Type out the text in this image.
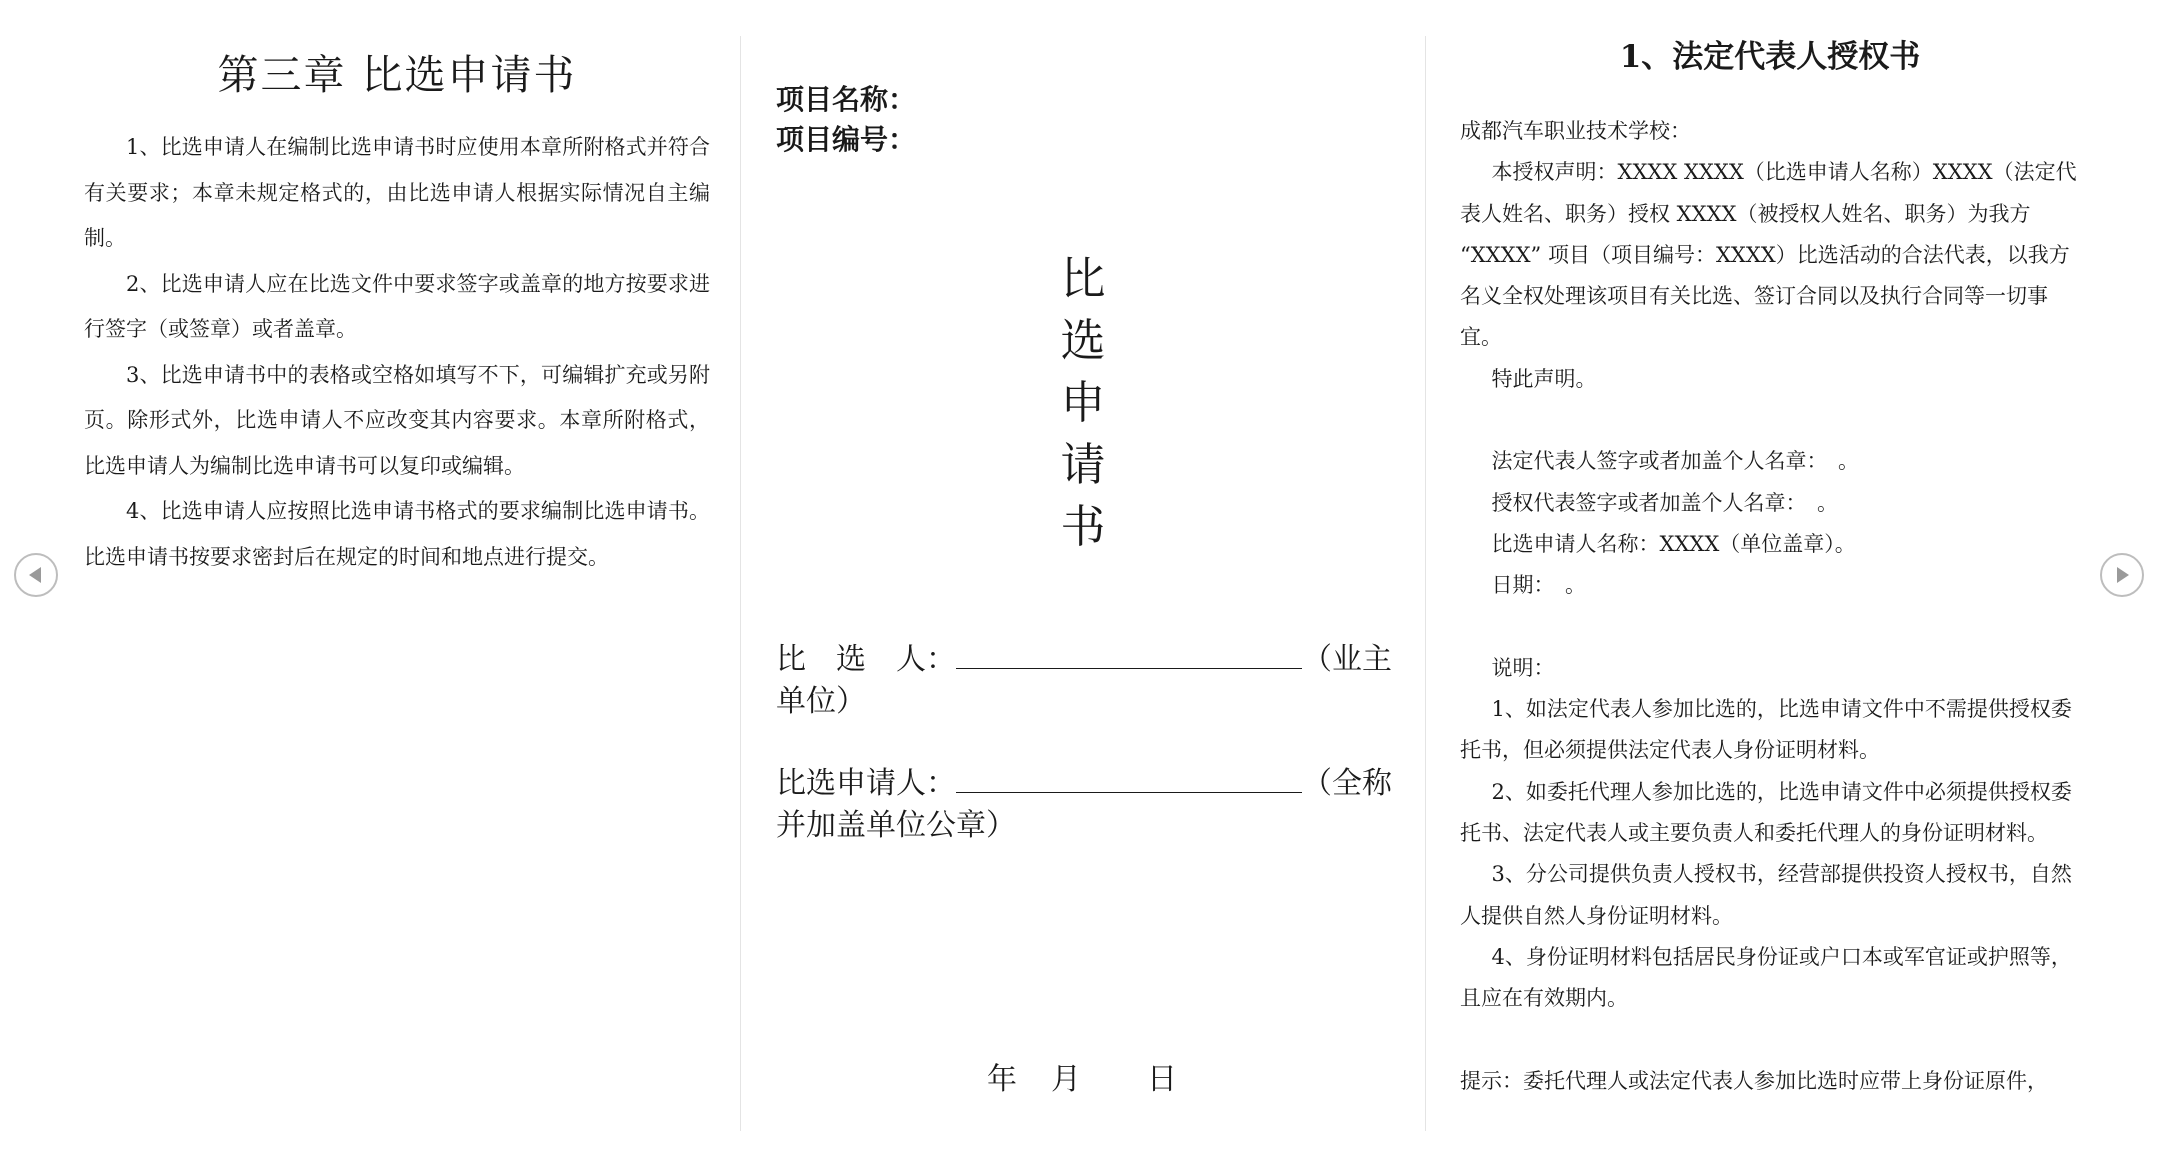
第三章 比选申请书

1、比选申请人在编制比选申请书时应使用本章所附格式并符合有关要求；本章未规定格式的，由比选申请人根据实际情况自主编制。

2、比选申请人应在比选文件中要求签字或盖章的地方按要求进行签字（或签章）或者盖章。

3、比选申请书中的表格或空格如填写不下，可编辑扩充或另附页。除形式外，比选申请人不应改变其内容要求。本章所附格式，比选申请人为编制比选申请书可以复印或编辑。

4、比选申请人应按照比选申请书格式的要求编制比选申请书。比选申请书按要求密封后在规定的时间和地点进行提交。

项目名称：
项目编号：
比
选
申
请
书
比　选　人：	（业主单位）
比选申请人：	（全称并加盖单位公章）
年　月　　日

1、法定代表人授权书

成都汽车职业技术学校：

本授权声明：XXXX XXXX（比选申请人名称）XXXX（法定代表人姓名、职务）授权 XXXX（被授权人姓名、职务）为我方 “XXXX” 项目（项目编号：XXXX）比选活动的合法代表，以我方名义全权处理该项目有关比选、签订合同以及执行合同等一切事宜。

特此声明。

法定代表人签字或者加盖个人名章：　。

授权代表签字或者加盖个人名章：　。

比选申请人名称：XXXX（单位盖章）。

日期：　。

说明：

1、如法定代表人参加比选的，比选申请文件中不需提供授权委托书，但必须提供法定代表人身份证明材料。

2、如委托代理人参加比选的，比选申请文件中必须提供授权委托书、法定代表人或主要负责人和委托代理人的身份证明材料。

3、分公司提供负责人授权书，经营部提供投资人授权书，自然人提供自然人身份证明材料。

4、身份证明材料包括居民身份证或户口本或军官证或护照等，且应在有效期内。

提示：委托代理人或法定代表人参加比选时应带上身份证原件，
